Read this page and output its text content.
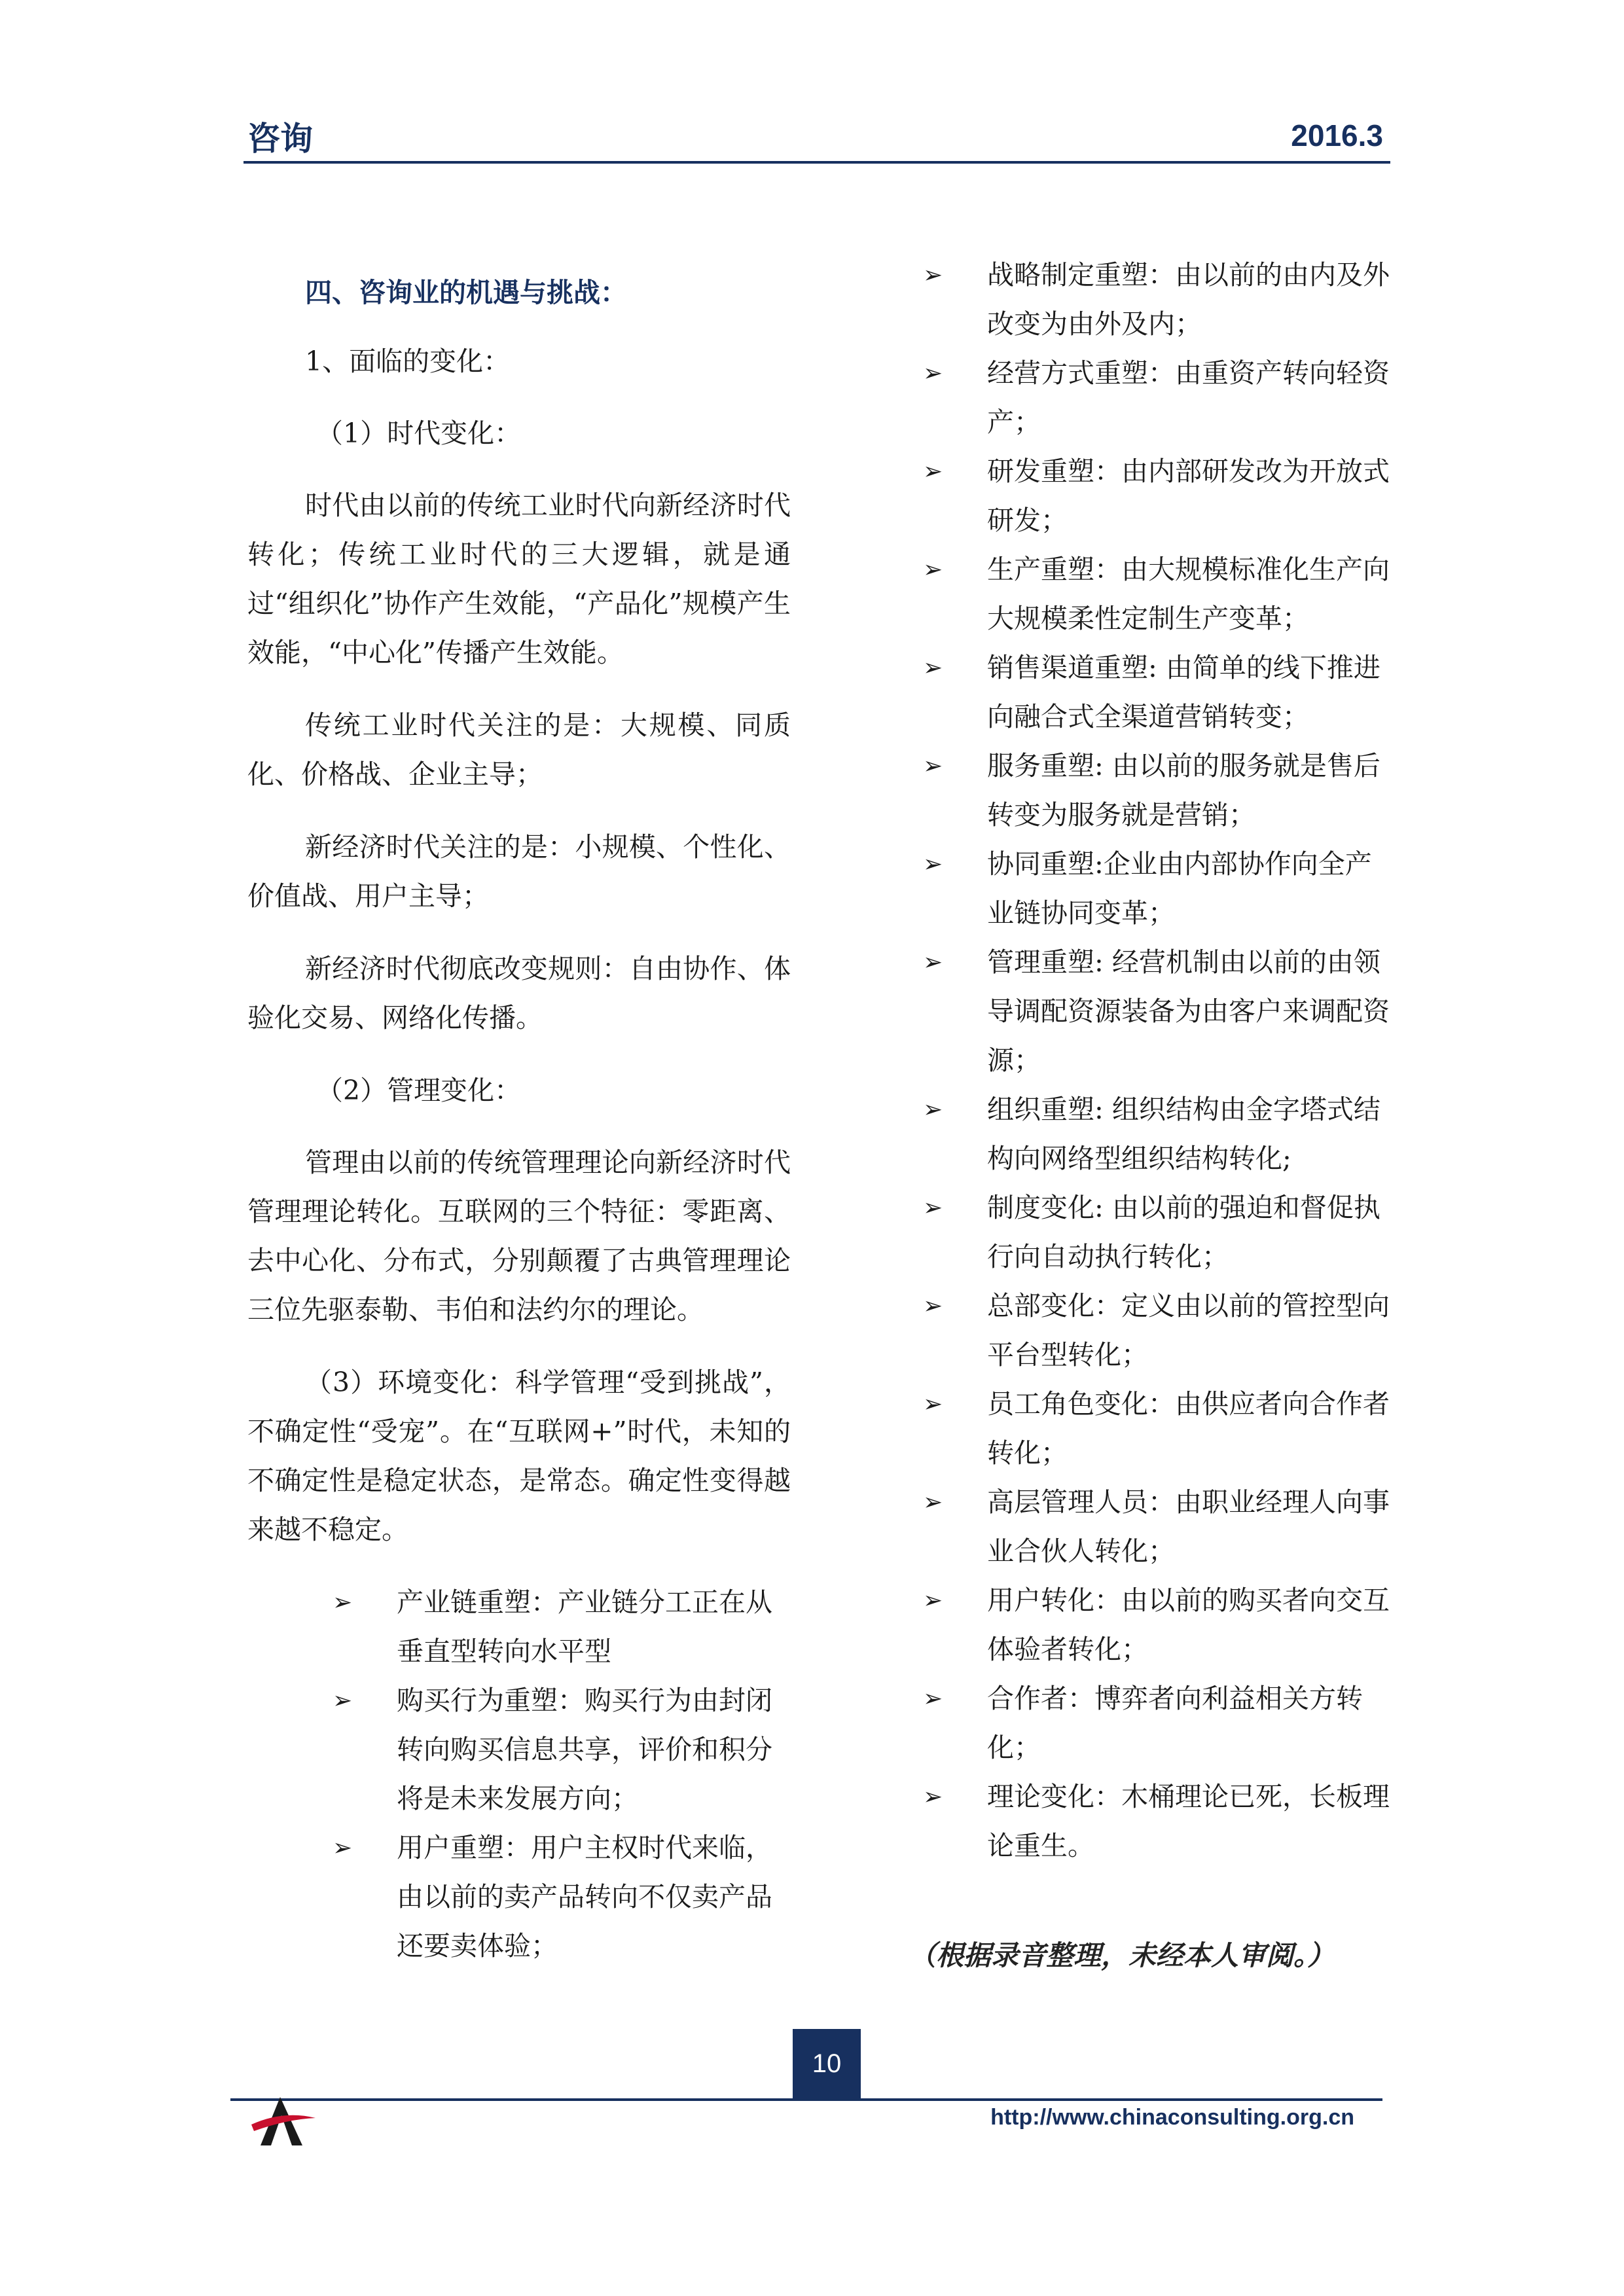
咨询	2016.3

四、咨询业的机遇与挑战：

1、面临的变化：

（1）时代变化：

时代由以前的传统工业时代向新经济时代转化；传统工业时代的三大逻辑，就是通过“组织化”协作产生效能，“产品化”规模产生效能，“中心化”传播产生效能。

传统工业时代关注的是：大规模、同质化、价格战、企业主导；

新经济时代关注的是：小规模、个性化、价值战、用户主导；

新经济时代彻底改变规则：自由协作、体验化交易、网络化传播。

（2）管理变化：

管理由以前的传统管理理论向新经济时代管理理论转化。互联网的三个特征：零距离、去中心化、分布式，分别颠覆了古典管理理论三位先驱泰勒、韦伯和法约尔的理论。

（3）环境变化：科学管理“受到挑战”，不确定性“受宠”。在“互联网+”时代，未知的不确定性是稳定状态，是常态。确定性变得越来越不稳定。

➢ 产业链重塑：产业链分工正在从垂直型转向水平型
➢ 购买行为重塑：购买行为由封闭转向购买信息共享，评价和积分将是未来发展方向；
➢ 用户重塑：用户主权时代来临，由以前的卖产品转向不仅卖产品还要卖体验；
➢ 战略制定重塑：由以前的由内及外改变为由外及内；
➢ 经营方式重塑：由重资产转向轻资产；
➢ 研发重塑：由内部研发改为开放式研发；
➢ 生产重塑：由大规模标准化生产向大规模柔性定制生产变革；
➢ 销售渠道重塑: 由简单的线下推进向融合式全渠道营销转变；
➢ 服务重塑: 由以前的服务就是售后转变为服务就是营销；
➢ 协同重塑:企业由内部协作向全产业链协同变革；
➢ 管理重塑: 经营机制由以前的由领导调配资源装备为由客户来调配资源；
➢ 组织重塑: 组织结构由金字塔式结构向网络型组织结构转化;
➢ 制度变化: 由以前的强迫和督促执行向自动执行转化；
➢ 总部变化：定义由以前的管控型向平台型转化；
➢ 员工角色变化：由供应者向合作者转化；
➢ 高层管理人员：由职业经理人向事业合伙人转化；
➢ 用户转化：由以前的购买者向交互体验者转化；
➢ 合作者：博弈者向利益相关方转化；
➢ 理论变化：木桶理论已死，长板理论重生。
（根据录音整理，未经本人审阅。）
10
http://www.chinaconsulting.org.cn
